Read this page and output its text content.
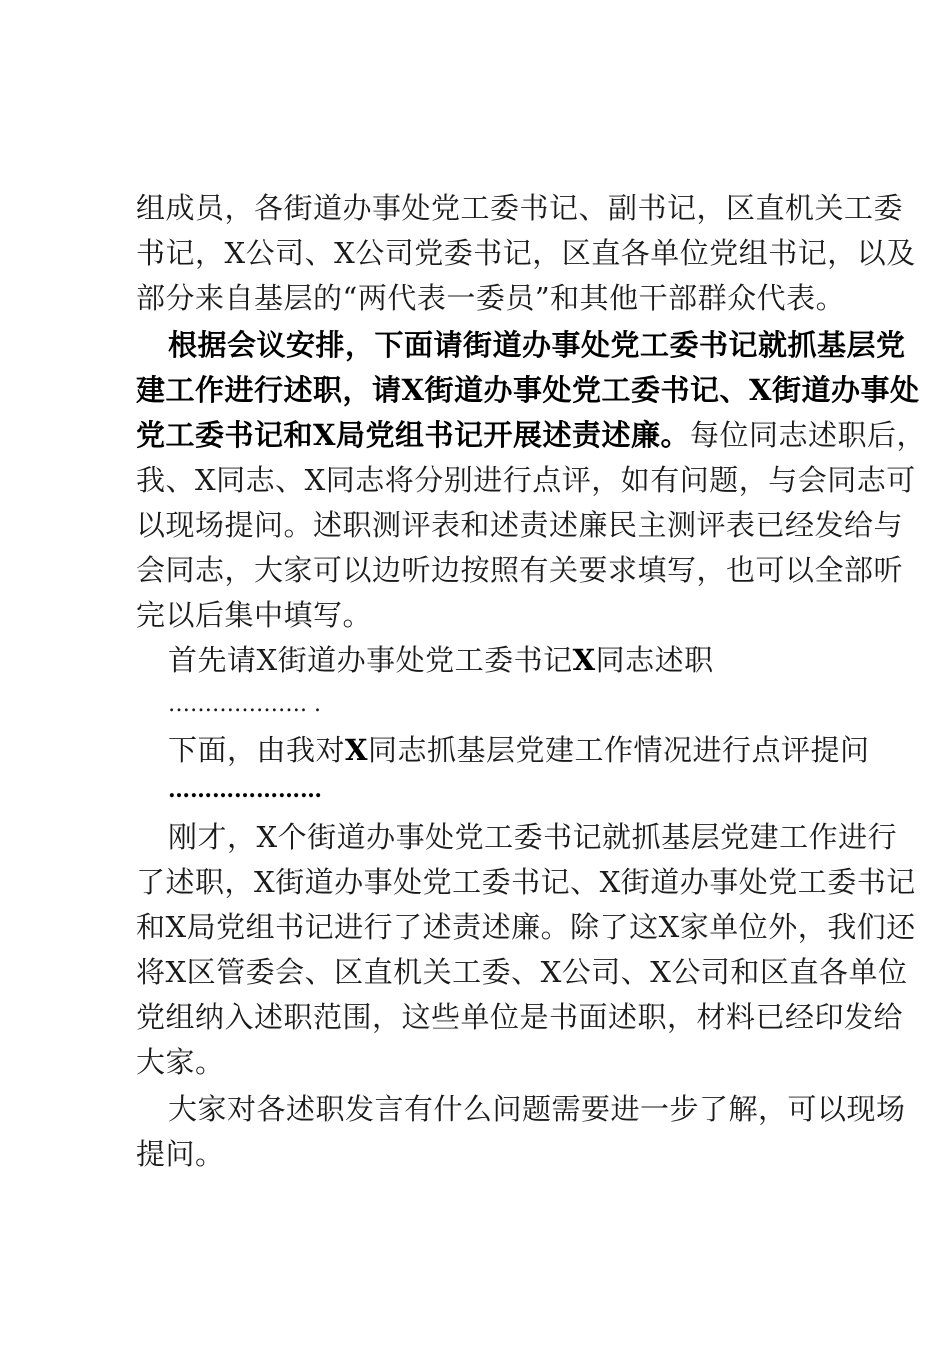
组成员，各街道办事处党工委书记、副书记，区直机关工委
书记，X公司、X公司党委书记，区直各单位党组书记，以及
部分来自基层的“两代表一委员”和其他干部群众代表。
根据会议安排，下面请街道办事处党工委书记就抓基层党
建工作进行述职，请X街道办事处党工委书记、X街道办事处
党工委书记和X局党组书记开展述责述廉。每位同志述职后，
我、X同志、X同志将分别进行点评，如有问题，与会同志可
以现场提问。述职测评表和述责述廉民主测评表已经发给与
会同志，大家可以边听边按照有关要求填写，也可以全部听
完以后集中填写。
首先请X街道办事处党工委书记X同志述职
………………. .
下面，由我对X同志抓基层党建工作情况进行点评提问
…………………
刚才，X个街道办事处党工委书记就抓基层党建工作进行
了述职，X街道办事处党工委书记、X街道办事处党工委书记
和X局党组书记进行了述责述廉。除了这X家单位外，我们还
将X区管委会、区直机关工委、X公司、X公司和区直各单位
党组纳入述职范围，这些单位是书面述职，材料已经印发给
大家。
大家对各述职发言有什么问题需要进一步了解，可以现场
提问。
